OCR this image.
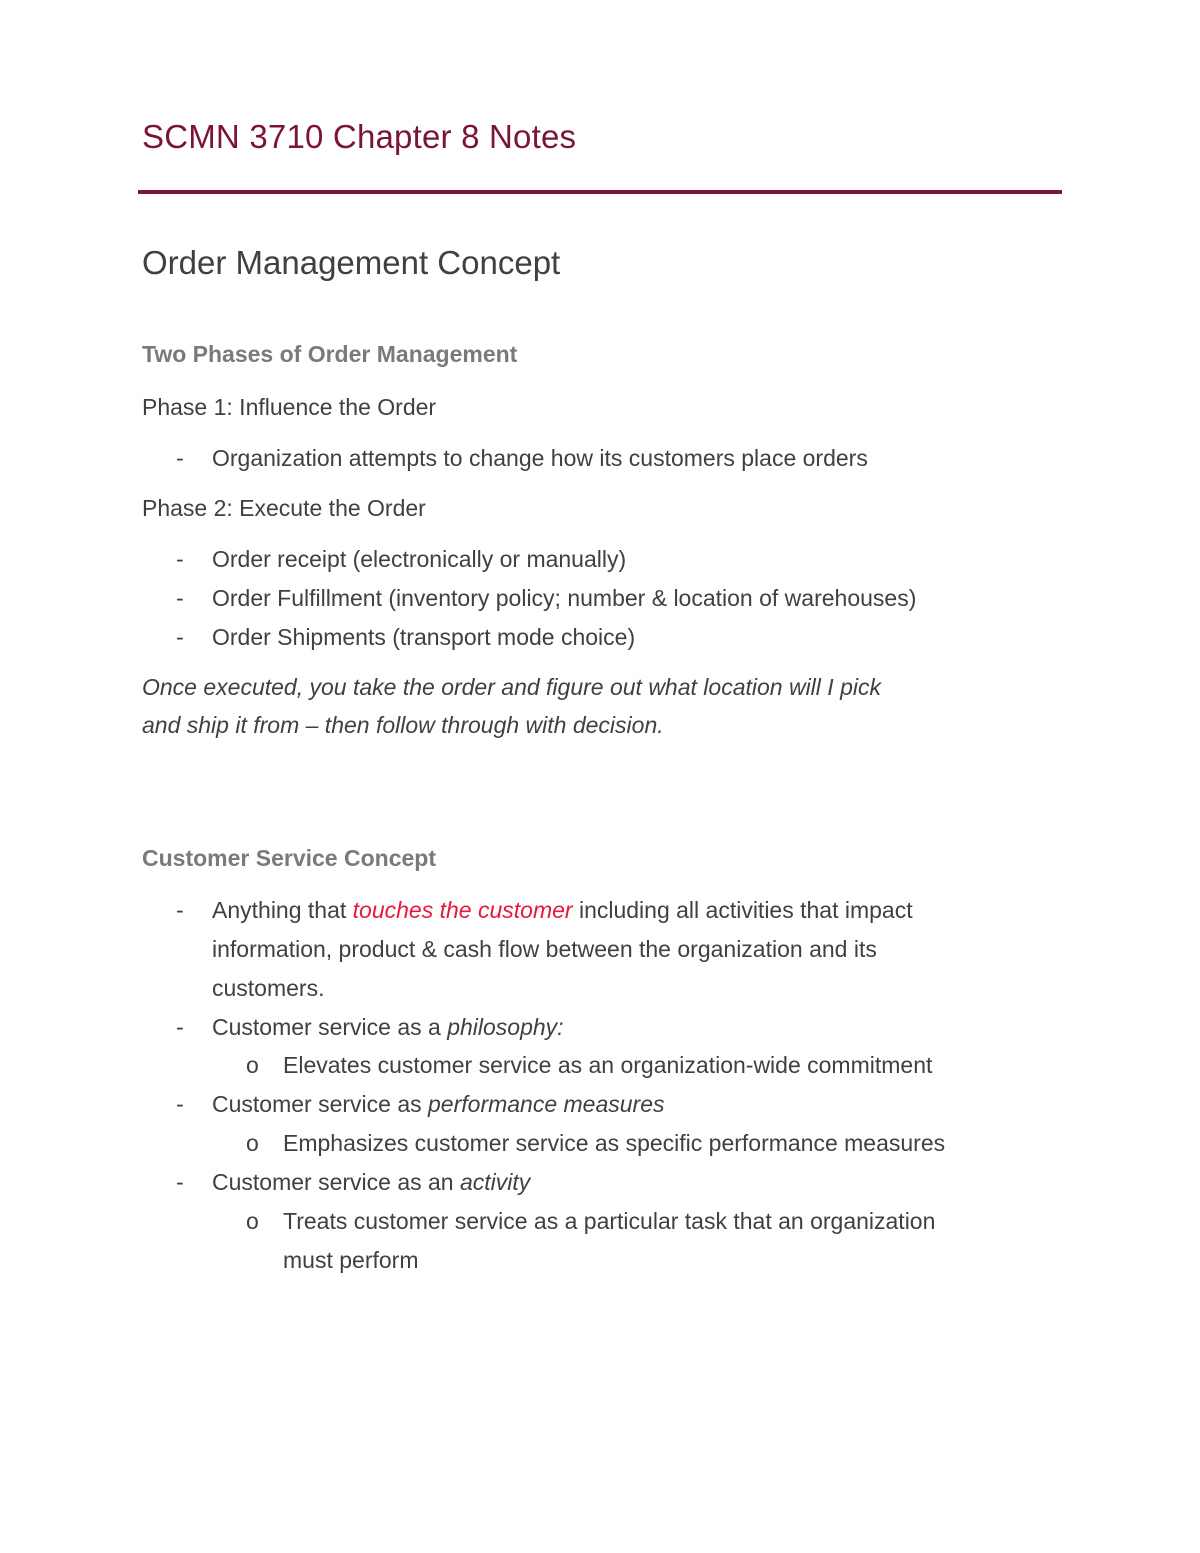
SCMN 3710 Chapter 8 Notes
Order Management Concept
Two Phases of Order Management

Phase 1: Influence the Order

- Organization attempts to change how its customers place orders

Phase 2: Execute the Order

- Order receipt (electronically or manually)
- Order Fulfillment (inventory policy; number & location of warehouses)
- Order Shipments (transport mode choice)

Once executed, you take the order and figure out what location will I pick

and ship it from – then follow through with decision.

Customer Service Concept
- Anything that touches the customer including all activities that impact
information, product & cash flow between the organization and its
customers.
- Customer service as a philosophy:
o Elevates customer service as an organization-wide commitment
- Customer service as performance measures
o Emphasizes customer service as specific performance measures
- Customer service as an activity
o Treats customer service as a particular task that an organization
must perform
